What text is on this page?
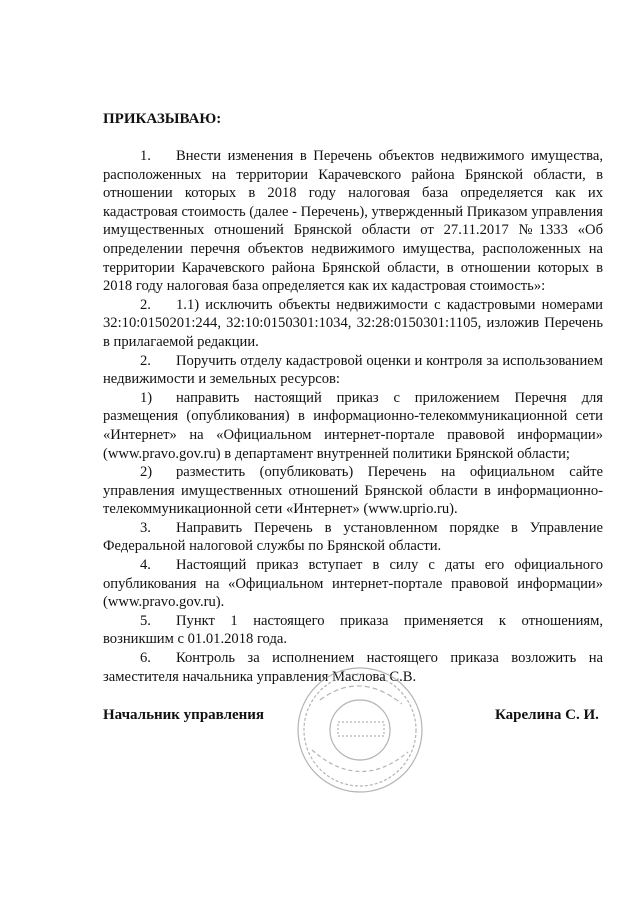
ПРИКАЗЫВАЮ:

1. Внести изменения в Перечень объектов недвижимого имущества, расположенных на территории Карачевского района Брянской области, в отношении которых в 2018 году налоговая база определяется как их кадастровая стоимость (далее - Перечень), утвержденный Приказом управления имущественных отношений Брянской области от 27.11.2017 №1333 «Об определении перечня объектов недвижимого имущества, расположенных на территории Карачевского района Брянской области, в отношении которых в 2018 году налоговая база определяется как их кадастровая стоимость»:

2. 1.1) исключить объекты недвижимости с кадастровыми номерами 32:10:0150201:244, 32:10:0150301:1034, 32:28:0150301:1105, изложив Перечень в прилагаемой редакции.

2. Поручить отделу кадастровой оценки и контроля за использованием недвижимости и земельных ресурсов:

1) направить настоящий приказ с приложением Перечня для размещения (опубликования) в информационно-телекоммуникационной сети «Интернет» на «Официальном интернет-портале правовой информации» (www.pravo.gov.ru) в департамент внутренней политики Брянской области;

2) разместить (опубликовать) Перечень на официальном сайте управления имущественных отношений Брянской области в информационно-телекоммуникационной сети «Интернет» (www.uprio.ru).

3. Направить Перечень в установленном порядке в Управление Федеральной налоговой службы по Брянской области.

4. Настоящий приказ вступает в силу с даты его официального опубликования на «Официальном интернет-портале правовой информации» (www.pravo.gov.ru).

5. Пункт 1 настоящего приказа применяется к отношениям, возникшим с 01.01.2018 года.

6. Контроль за исполнением настоящего приказа возложить на заместителя начальника управления Маслова С.В.

Начальник управления	Карелина С. И.
